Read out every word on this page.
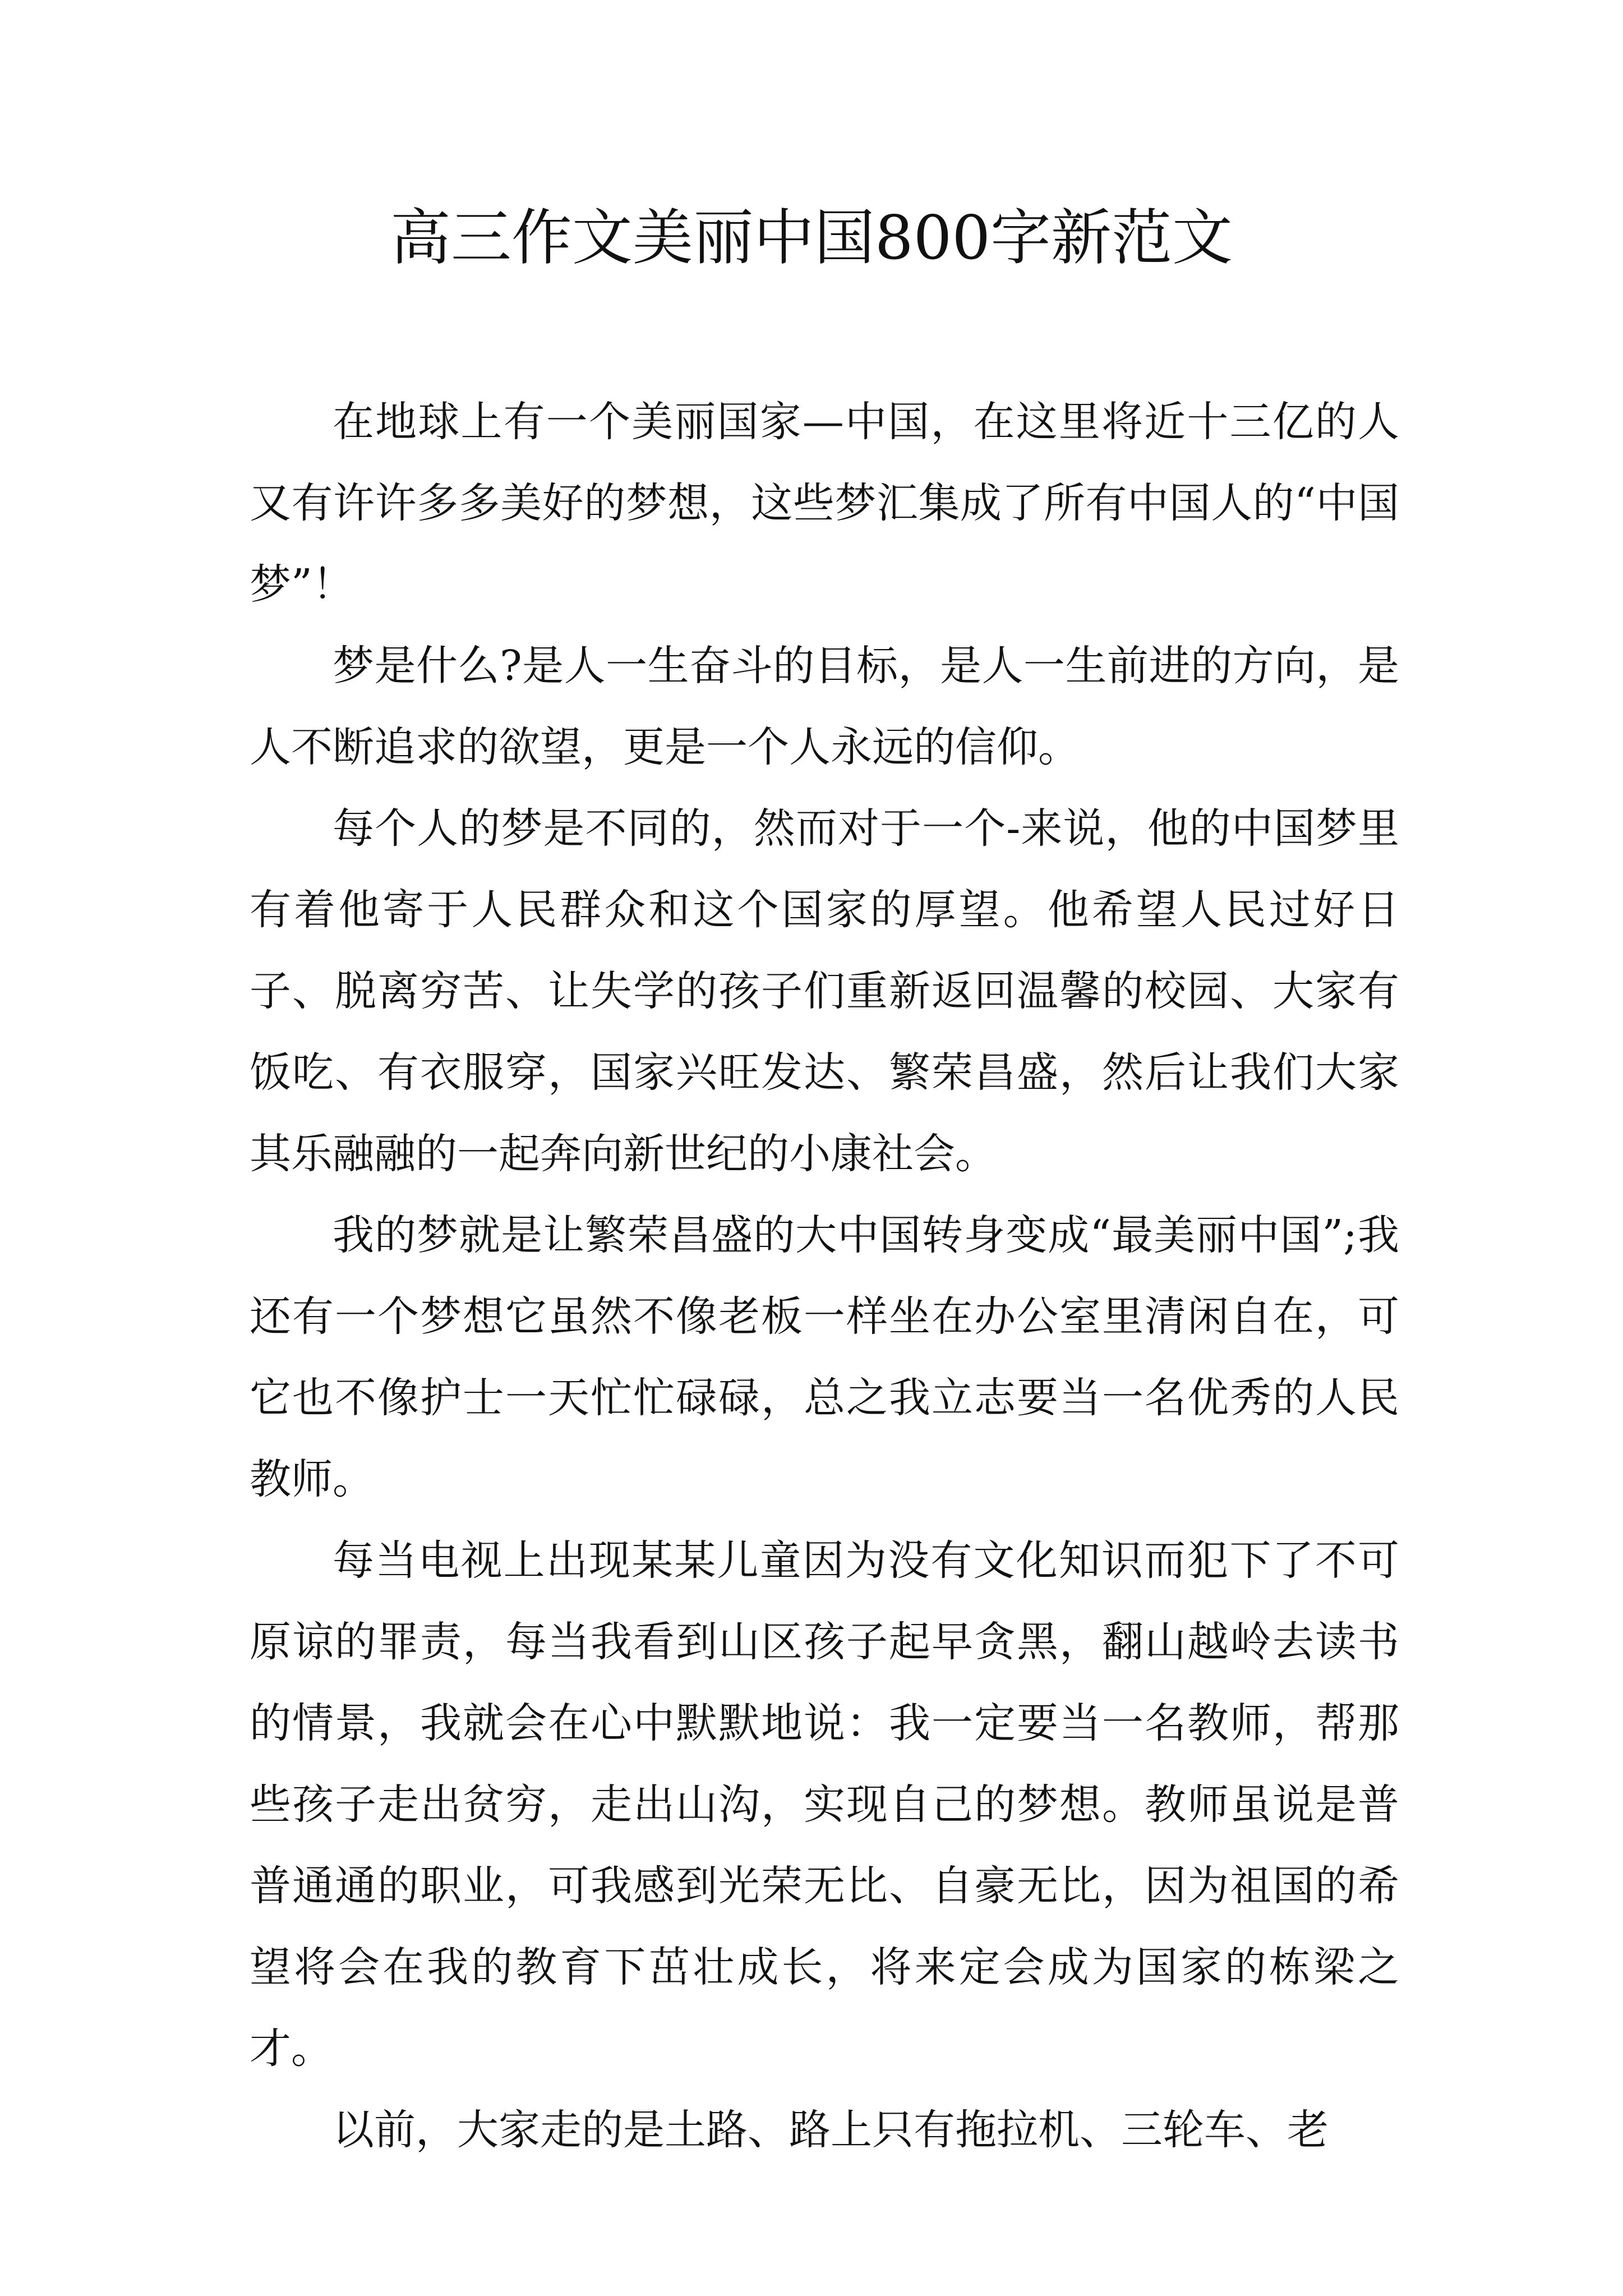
高三作文美丽中国800字新范文

在地球上有一个美丽国家—中国，在这里将近十三亿的人又有许许多多美好的梦想，这些梦汇集成了所有中国人的“中国梦”！

梦是什么?是人一生奋斗的目标，是人一生前进的方向，是人不断追求的欲望，更是一个人永远的信仰。

每个人的梦是不同的，然而对于一个-来说，他的中国梦里有着他寄于人民群众和这个国家的厚望。他希望人民过好日子、脱离穷苦、让失学的孩子们重新返回温馨的校园、大家有饭吃、有衣服穿，国家兴旺发达、繁荣昌盛，然后让我们大家其乐融融的一起奔向新世纪的小康社会。

我的梦就是让繁荣昌盛的大中国转身变成“最美丽中国”;我还有一个梦想它虽然不像老板一样坐在办公室里清闲自在，可它也不像护士一天忙忙碌碌，总之我立志要当一名优秀的人民教师。

每当电视上出现某某儿童因为没有文化知识而犯下了不可原谅的罪责，每当我看到山区孩子起早贪黑，翻山越岭去读书的情景，我就会在心中默默地说：我一定要当一名教师，帮那些孩子走出贫穷，走出山沟，实现自己的梦想。教师虽说是普普通通的职业，可我感到光荣无比、自豪无比，因为祖国的希望将会在我的教育下茁壮成长，将来定会成为国家的栋梁之才。

以前，大家走的是土路、路上只有拖拉机、三轮车、老
